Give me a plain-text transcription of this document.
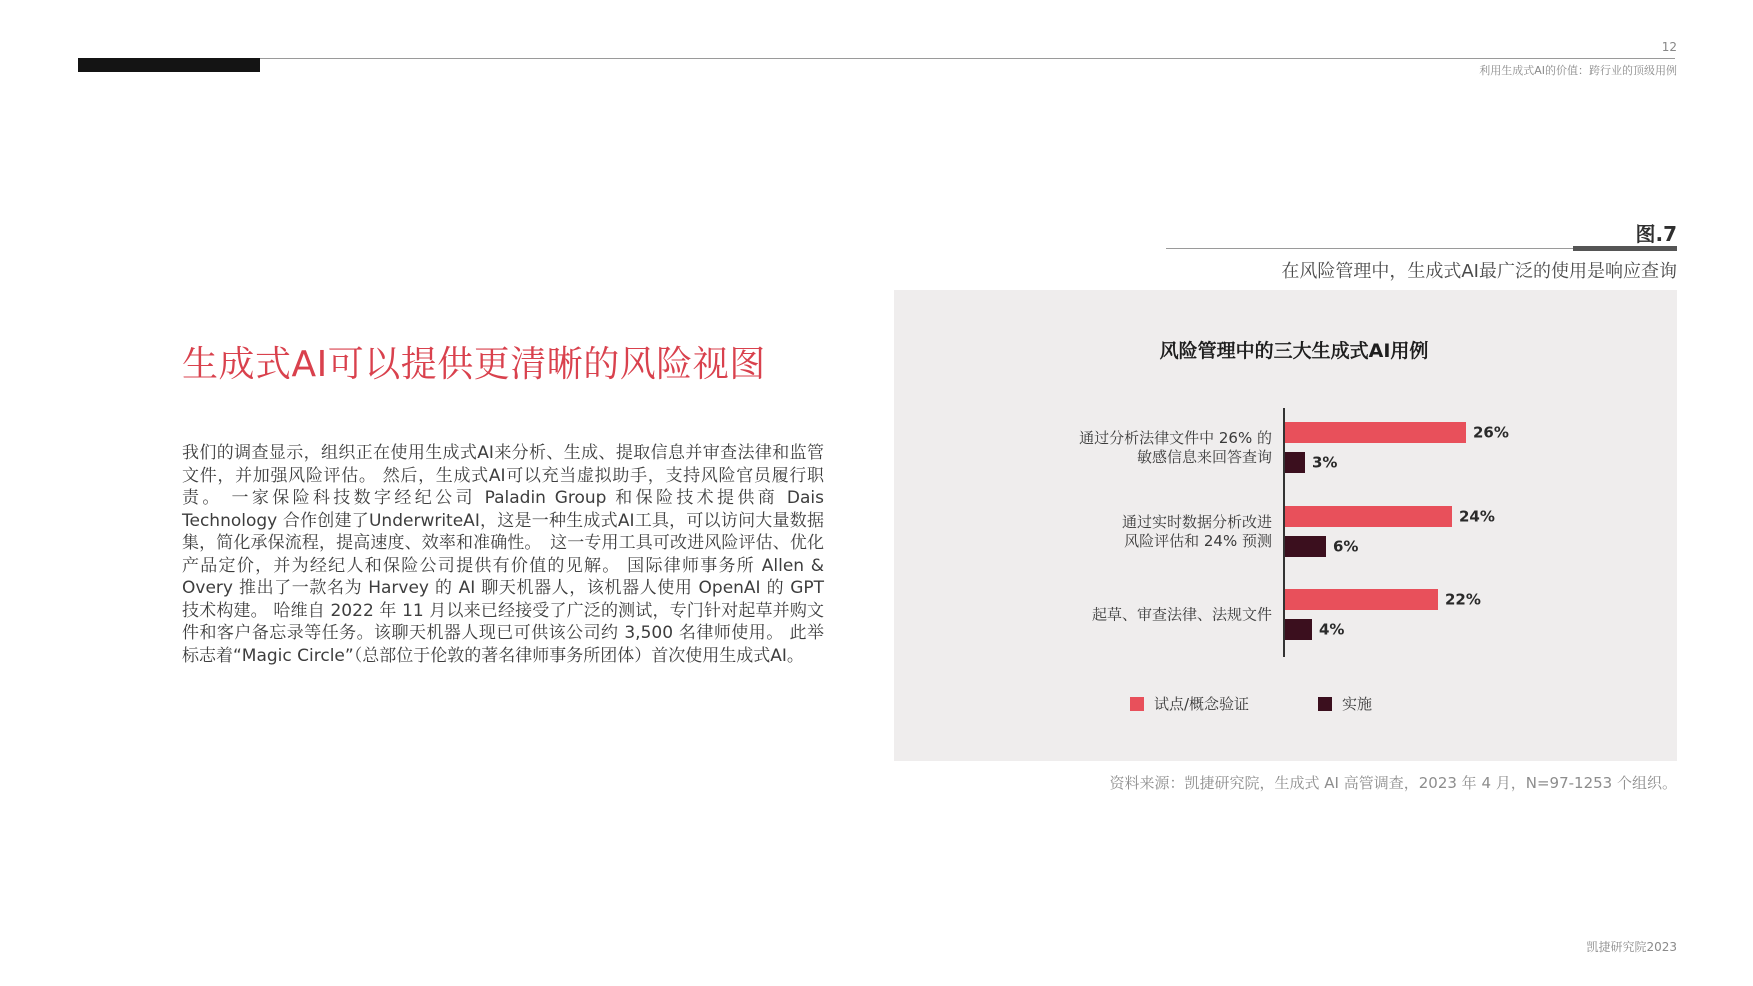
12
利用生成式AI的价值：跨行业的顶级用例
生成式AI可以提供更清晰的风险视图

我们的调查显示，组织正在使用生成式AI来分析、生成、提取信息并审查法律和监管文件，并加强风险评估。 然后，生成式AI可以充当虚拟助手，支持风险官员履行职责。 一家保险科技数字经纪公司 Paladin Group 和保险技术提供商 Dais Technology 合作创建了UnderwriteAI，这是一种生成式AI工具，可以访问大量数据集，简化承保流程，提高速度、效率和准确性。　这一专用工具可改进风险评估、优化产品定价，并为经纪人和保险公司提供有价值的见解。 国际律师事务所 Allen & Overy 推出了一款名为 Harvey 的 AI 聊天机器人，该机器人使用 OpenAI 的 GPT 技术构建。 哈维自 2022 年 11 月以来已经接受了广泛的测试，专门针对起草并购文件和客户备忘录等任务。该聊天机器人现已可供该公司约 3,500 名律师使用。 此举标志着“Magic Circle”（总部位于伦敦的著名律师事务所团体）首次使用生成式AI。

图.7
在风险管理中，生成式AI最广泛的使用是响应查询
风险管理中的三大生成式AI用例
通过分析法律文件中 26% 的
敏感信息来回答查询
26%
3%
通过实时数据分析改进
风险评估和 24% 预测
24%
6%
起草、审查法律、法规文件
22%
4%
试点/概念验证	实施
资料来源：凯捷研究院，生成式 AI 高管调查，2023 年 4 月，N=97-1253 个组织。
凯捷研究院2023
